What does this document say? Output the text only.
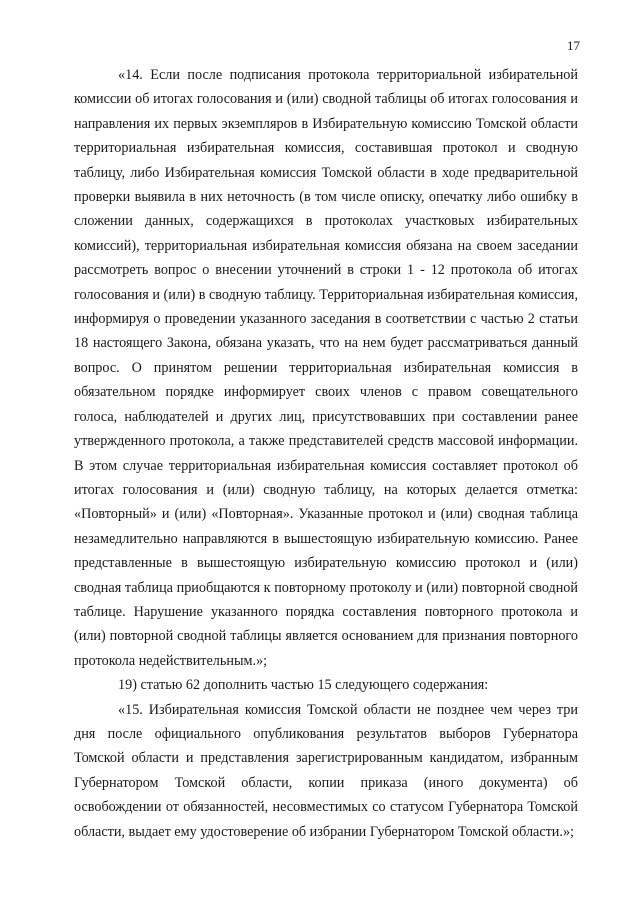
17

«14. Если после подписания протокола территориальной избирательной комиссии об итогах голосования и (или) сводной таблицы об итогах голосования и направления их первых экземпляров в Избирательную комиссию Томской области территориальная избирательная комиссия, составившая протокол и сводную таблицу, либо Избирательная комиссия Томской области в ходе предварительной проверки выявила в них неточность (в том числе описку, опечатку либо ошибку в сложении данных, содержащихся в протоколах участковых избирательных комиссий), территориальная избирательная комиссия обязана на своем заседании рассмотреть вопрос о внесении уточнений в строки 1 - 12 протокола об итогах голосования и (или) в сводную таблицу. Территориальная избирательная комиссия, информируя о проведении указанного заседания в соответствии с частью 2 статьи 18 настоящего Закона, обязана указать, что на нем будет рассматриваться данный вопрос. О принятом решении территориальная избирательная комиссия в обязательном порядке информирует своих членов с правом совещательного голоса, наблюдателей и других лиц, присутствовавших при составлении ранее утвержденного протокола, а также представителей средств массовой информации. В этом случае территориальная избирательная комиссия составляет протокол об итогах голосования и (или) сводную таблицу, на которых делается отметка: «Повторный» и (или) «Повторная». Указанные протокол и (или) сводная таблица незамедлительно направляются в вышестоящую избирательную комиссию. Ранее представленные в вышестоящую избирательную комиссию протокол и (или) сводная таблица приобщаются к повторному протоколу и (или) повторной сводной таблице. Нарушение указанного порядка составления повторного протокола и (или) повторной сводной таблицы является основанием для признания повторного протокола недействительным.»;

19) статью 62 дополнить частью 15 следующего содержания:

«15. Избирательная комиссия Томской области не позднее чем через три дня после официального опубликования результатов выборов Губернатора Томской области и представления зарегистрированным кандидатом, избранным Губернатором Томской области, копии приказа (иного документа) об освобождении от обязанностей, несовместимых со статусом Губернатора Томской области, выдает ему удостоверение об избрании Губернатором Томской области.»;
